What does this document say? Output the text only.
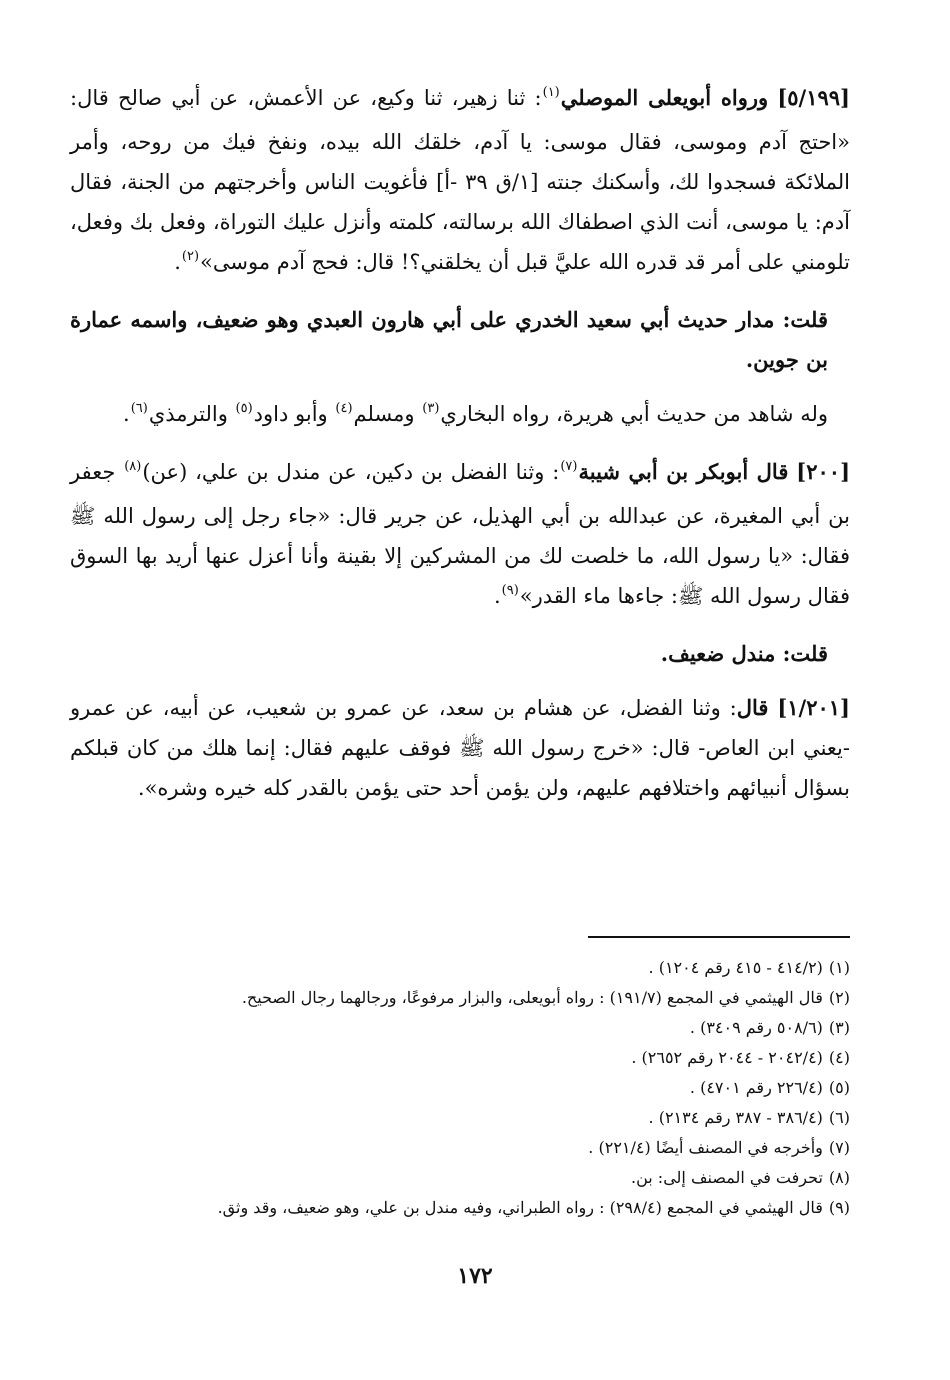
[٥/١٩٩] ورواه أبويعلى الموصلي$^{(١)}$: ثنا زهير، ثنا وكيع، عن الأعمش، عن أبي صالح قال: «احتج آدم وموسى، فقال موسى: يا آدم، خلقك الله بيده، ونفخ فيك من روحه، وأمر الملائكة فسجدوا لك، وأسكنك جنته [١/ق ٣٩ -أ] فأغويت الناس وأخرجتهم من الجنة، فقال آدم: يا موسى، أنت الذي اصطفاك الله برسالته، كلمته وأنزل عليك التوراة، وفعل بك وفعل، تلومني على أمر قد قدره الله عليَّ قبل أن يخلقني؟! قال: فحج آدم موسى»$^{(٢)}$.

قلت: مدار حديث أبي سعيد الخدري على أبي هارون العبدي وهو ضعيف، واسمه عمارة بن جوين.

وله شاهد من حديث أبي هريرة، رواه البخاري$^{(٣)}$ ومسلم$^{(٤)}$ وأبو داود$^{(٥)}$ والترمذي$^{(٦)}$.

[٢٠٠] قال أبوبكر بن أبي شيبة$^{(٧)}$: وثنا الفضل بن دكين، عن مندل بن علي، (عن)$^{(٨)}$ جعفر بن أبي المغيرة، عن عبدالله بن أبي الهذيل، عن جرير قال: «جاء رجل إلى رسول الله ﷺ فقال: «يا رسول الله، ما خلصت لك من المشركين إلا بقينة وأنا أعزل عنها أريد بها السوق فقال رسول الله ﷺ: جاءها ماء القدر»$^{(٩)}$.

قلت: مندل ضعيف.

[١/٢٠١] قال: وثنا الفضل، عن هشام بن سعد، عن عمرو بن شعيب، عن أبيه، عن عمرو -يعني ابن العاص- قال: «خرج رسول الله ﷺ فوقف عليهم فقال: إنما هلك من كان قبلكم بسؤال أنبيائهم واختلافهم عليهم، ولن يؤمن أحد حتى يؤمن بالقدر كله خيره وشره».

(١)(٤١٤/٢ - ٤١٥ رقم ١٢٠٤) .
(٢)قال الهيثمي في المجمع (١٩١/٧) : رواه أبويعلى، والبزار مرفوعًا، ورجالهما رجال الصحيح.
(٣)(٥٠٨/٦ رقم ٣٤٠٩) .
(٤)(٢٠٤٢/٤ - ٢٠٤٤ رقم ٢٦٥٢) .
(٥)(٢٢٦/٤ رقم ٤٧٠١) .
(٦)(٣٨٦/٤ - ٣٨٧ رقم ٢١٣٤) .
(٧)وأخرجه في المصنف أيضًا (٢٢١/٤) .
(٨)تحرفت في المصنف إلى: بن.
(٩)قال الهيثمي في المجمع (٢٩٨/٤) : رواه الطبراني، وفيه مندل بن علي، وهو ضعيف، وقد وثق.
١٧٢
